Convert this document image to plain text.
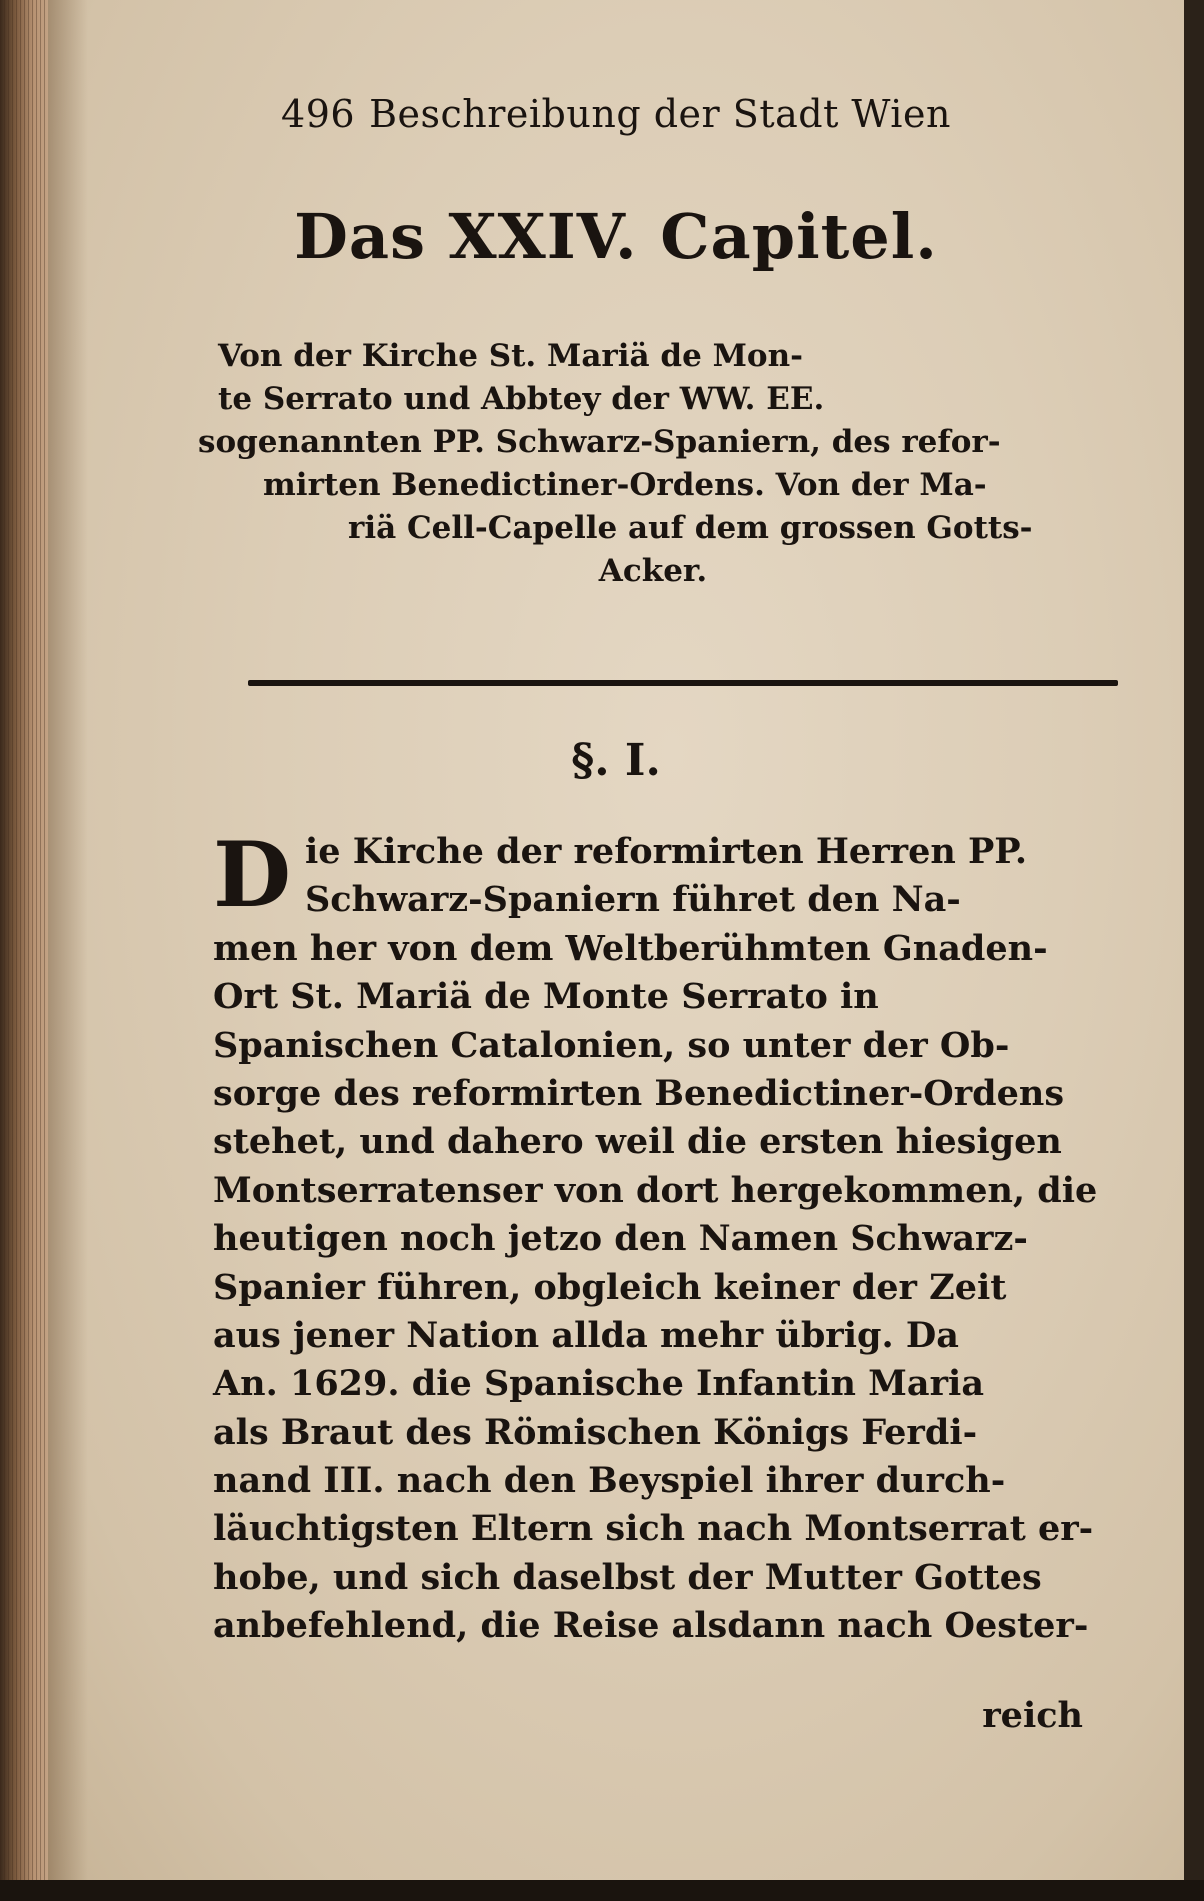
496 Beschreibung der Stadt Wien
Das XXIV. Capitel.
Von der Kirche St. Mariä de Mon-
te Serrato und Abbtey der WW. EE.
sogenannten PP. Schwarz-Spaniern, des refor-
mirten Benedictiner-Ordens. Von der Ma-
riä Cell-Capelle auf dem grossen Gotts-
Acker.
§. I.
D ie Kirche der reformirten Herren PP.
Schwarz-Spaniern führet den Na-
men her von dem Weltberühmten Gnaden-
Ort St. Mariä de Monte Serrato in
Spanischen Catalonien, so unter der Ob-
sorge des reformirten Benedictiner-Ordens
stehet, und dahero weil die ersten hiesigen
Montserratenser von dort hergekommen, die
heutigen noch jetzo den Namen Schwarz-
Spanier führen, obgleich keiner der Zeit
aus jener Nation allda mehr übrig. Da
An. 1629. die Spanische Infantin Maria
als Braut des Römischen Königs Ferdi-
nand III. nach den Beyspiel ihrer durch-
läuchtigsten Eltern sich nach Montserrat er-
hobe, und sich daselbst der Mutter Gottes
anbefehlend, die Reise alsdann nach Oester-
reich
